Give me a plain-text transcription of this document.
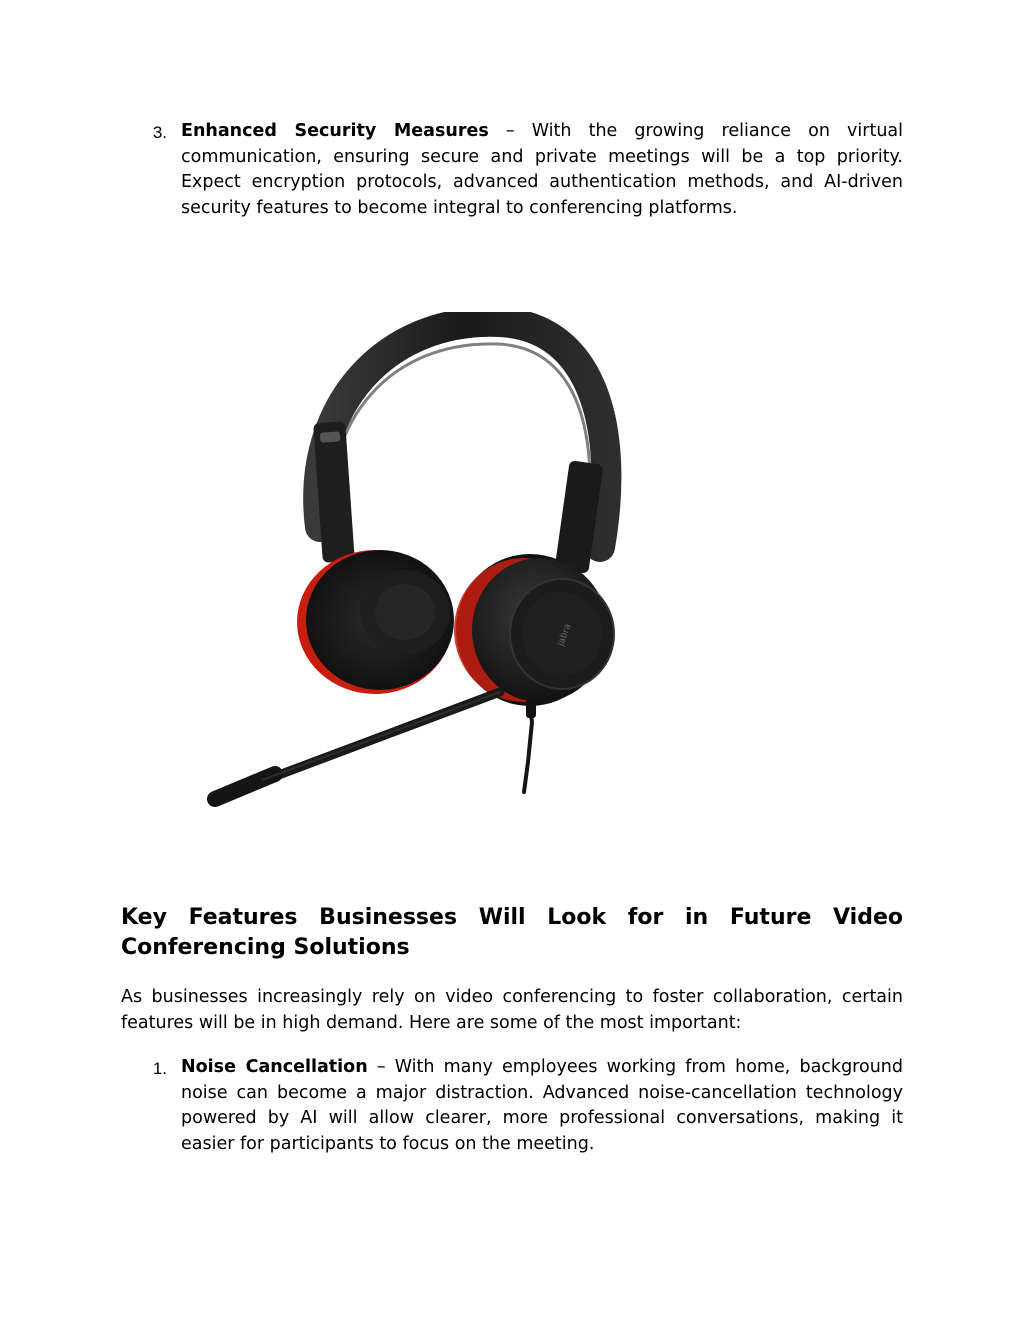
3. Enhanced Security Measures – With the growing reliance on virtual communication, ensuring secure and private meetings will be a top priority. Expect encryption protocols, advanced authentication methods, and AI-driven security features to become integral to conferencing platforms.
jabra
Key Features Businesses Will Look for in Future Video
Conferencing Solutions

As businesses increasingly rely on video conferencing to foster collaboration, certain features will be in high demand. Here are some of the most important:

1. Noise Cancellation – With many employees working from home, background noise can become a major distraction. Advanced noise-cancellation technology powered by AI will allow clearer, more professional conversations, making it easier for participants to focus on the meeting.
